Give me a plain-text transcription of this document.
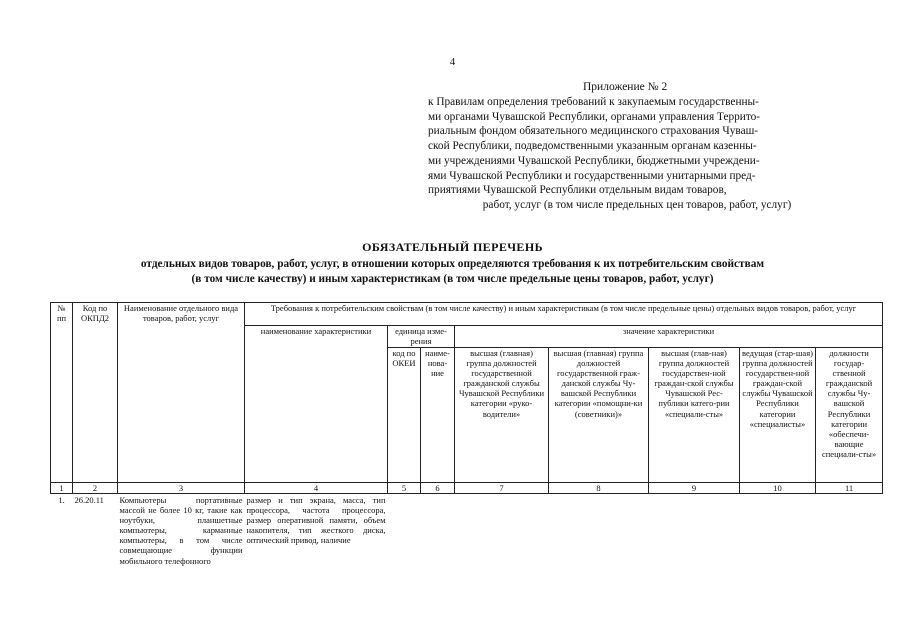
4
Приложение № 2
к Правилам определения требований к закупаемым государственны-
ми органами Чувашской Республики, органами управления Террито-
риальным фондом обязательного медицинского страхования Чуваш-
ской Республики, подведомственными указанным органам казенны-
ми учреждениями Чувашской Республики, бюджетными учреждени-
ями Чувашской Республики и государственными унитарными пред-
приятиями Чувашской Республики отдельным видам товаров,
работ, услуг (в том числе предельных цен товаров, работ, услуг)
ОБЯЗАТЕЛЬНЫЙ ПЕРЕЧЕНЬ
отдельных видов товаров, работ, услуг, в отношении которых определяются требования к их потребительским свойствам
(в том числе качеству) и иным характеристикам (в том числе предельные цены товаров, работ, услуг)
№ пп	Код по ОКПД2	Наименование отдельного вида товаров, работ, услуг	Требования к потребительским свойствам (в том числе качеству) и иным характеристикам (в том числе предельные цены) отдельных видов товаров, работ, услуг							
			наименование характеристики	единица изме-рения		значение характеристики				
				код по ОКЕИ	наиме-нова-ние	высшая (главная) группа должностей государственной гражданской службы Чувашской Республики категории «руко-водители»	высшая (главная) группа должностей государственной граж-данской службы Чу-вашской Республики категории «помощни-ки (советники)»	высшая (глав-ная) группа должностей государствен-ной граждан-ской службы Чувашской Рес-публики катего-рии «специали-сты»	ведущая (стар-шая) группа должностей государствен-ной граждан-ской службы Чувашской Республики категории «специалисты»	должности государ-ственной гражданской службы Чу-вашской Республики категории «обеспечи-вающие специали-сты»
1	2	3	4	5	6	7	8	9	10	11
1.	26.20.11	Компьютеры портативные массой не более 10 кг, такие как ноутбуки, планшетные компьютеры, карманные компьютеры, в том числе совмещающие функции мобильного телефонного	размер и тип экрана, масса, тип процессора, частота процессора, размер оперативной памяти, объем накопителя, тип жесткого диска, оптический привод, наличие							
